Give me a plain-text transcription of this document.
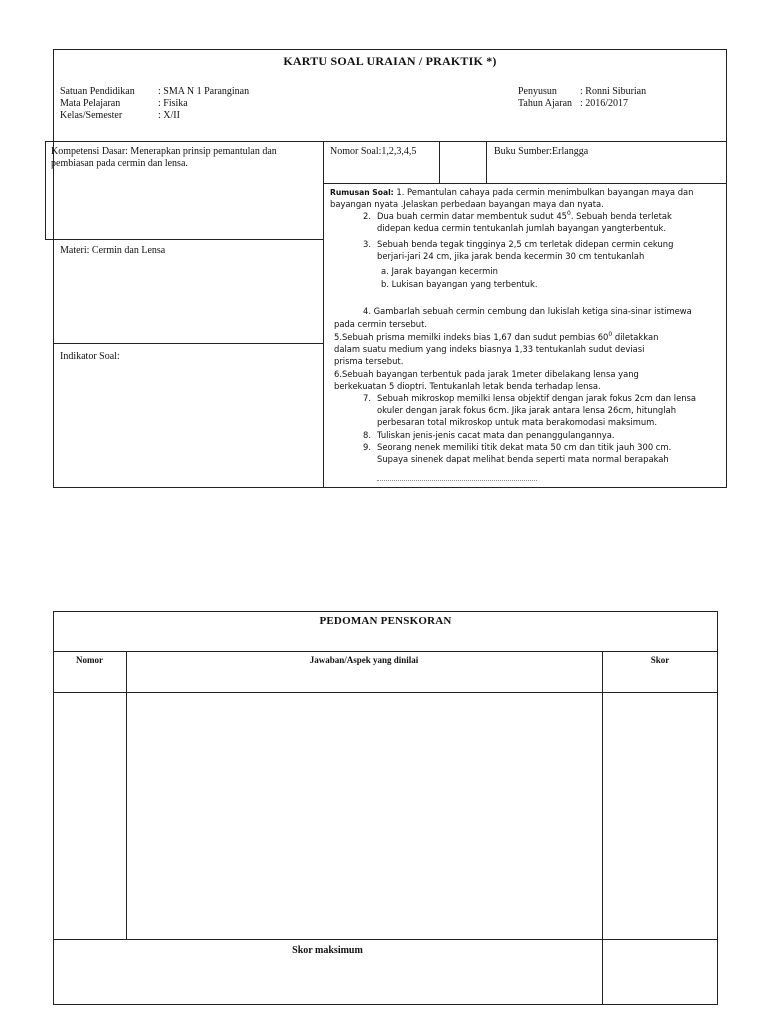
KARTU SOAL URAIAN / PRAKTIK *)
Satuan Pendidikan	: SMA N 1 Paranginan
Mata Pelajaran	: Fisika
Kelas/Semester	: X/II
Penyusun	: Ronni Siburian
Tahun Ajaran : 2016/2017
Kompetensi Dasar: Menerapkan prinsip pemantulan dan
pembiasan pada cermin dan lensa.
Nomor Soal:1,2,3,4,5	Buku Sumber:Erlangga
Materi: Cermin dan Lensa
Indikator Soal:
Rumusan Soal: 1. Pemantulan cahaya pada cermin menimbulkan bayangan maya dan
bayangan nyata .Jelaskan perbedaan bayangan maya dan nyata.
2. Dua buah cermin datar membentuk sudut $45^0$. Sebuah benda terletak
didepan kedua cermin tentukanlah jumlah bayangan yangterbentuk.
3. Sebuah benda tegak tingginya 2,5 cm terletak didepan cermin cekung
berjari-jari 24 cm, jika jarak benda kecermin 30 cm tentukanlah
a. Jarak bayangan kecermin
b. Lukisan bayangan yang terbentuk.
4. Gambarlah sebuah cermin cembung dan lukislah ketiga sina-sinar istimewa
pada cermin tersebut.
5.Sebuah prisma memilki indeks bias 1,67 dan sudut pembias $60^0$ diletakkan
dalam suatu medium yang indeks biasnya 1,33 tentukanlah sudut deviasi
prisma tersebut.
6.Sebuah bayangan terbentuk pada jarak 1meter dibelakang lensa yang
berkekuatan 5 dioptri. Tentukanlah letak benda terhadap lensa.
7. Sebuah mikroskop memilki lensa objektif dengan jarak fokus 2cm dan lensa
okuler dengan jarak fokus 6cm. Jika jarak antara lensa 26cm, hitunglah
perbesaran total mikroskop untuk mata berakomodasi maksimum.
8. Tuliskan jenis-jenis cacat mata dan penanggulangannya.
9. Seorang nenek memiliki titik dekat mata 50 cm dan titik jauh 300 cm.
Supaya sinenek dapat melihat benda seperti mata normal berapakah
PEDOMAN PENSKORAN
Nomor	Jawaban/Aspek yang dinilai	Skor
Skor maksimum
